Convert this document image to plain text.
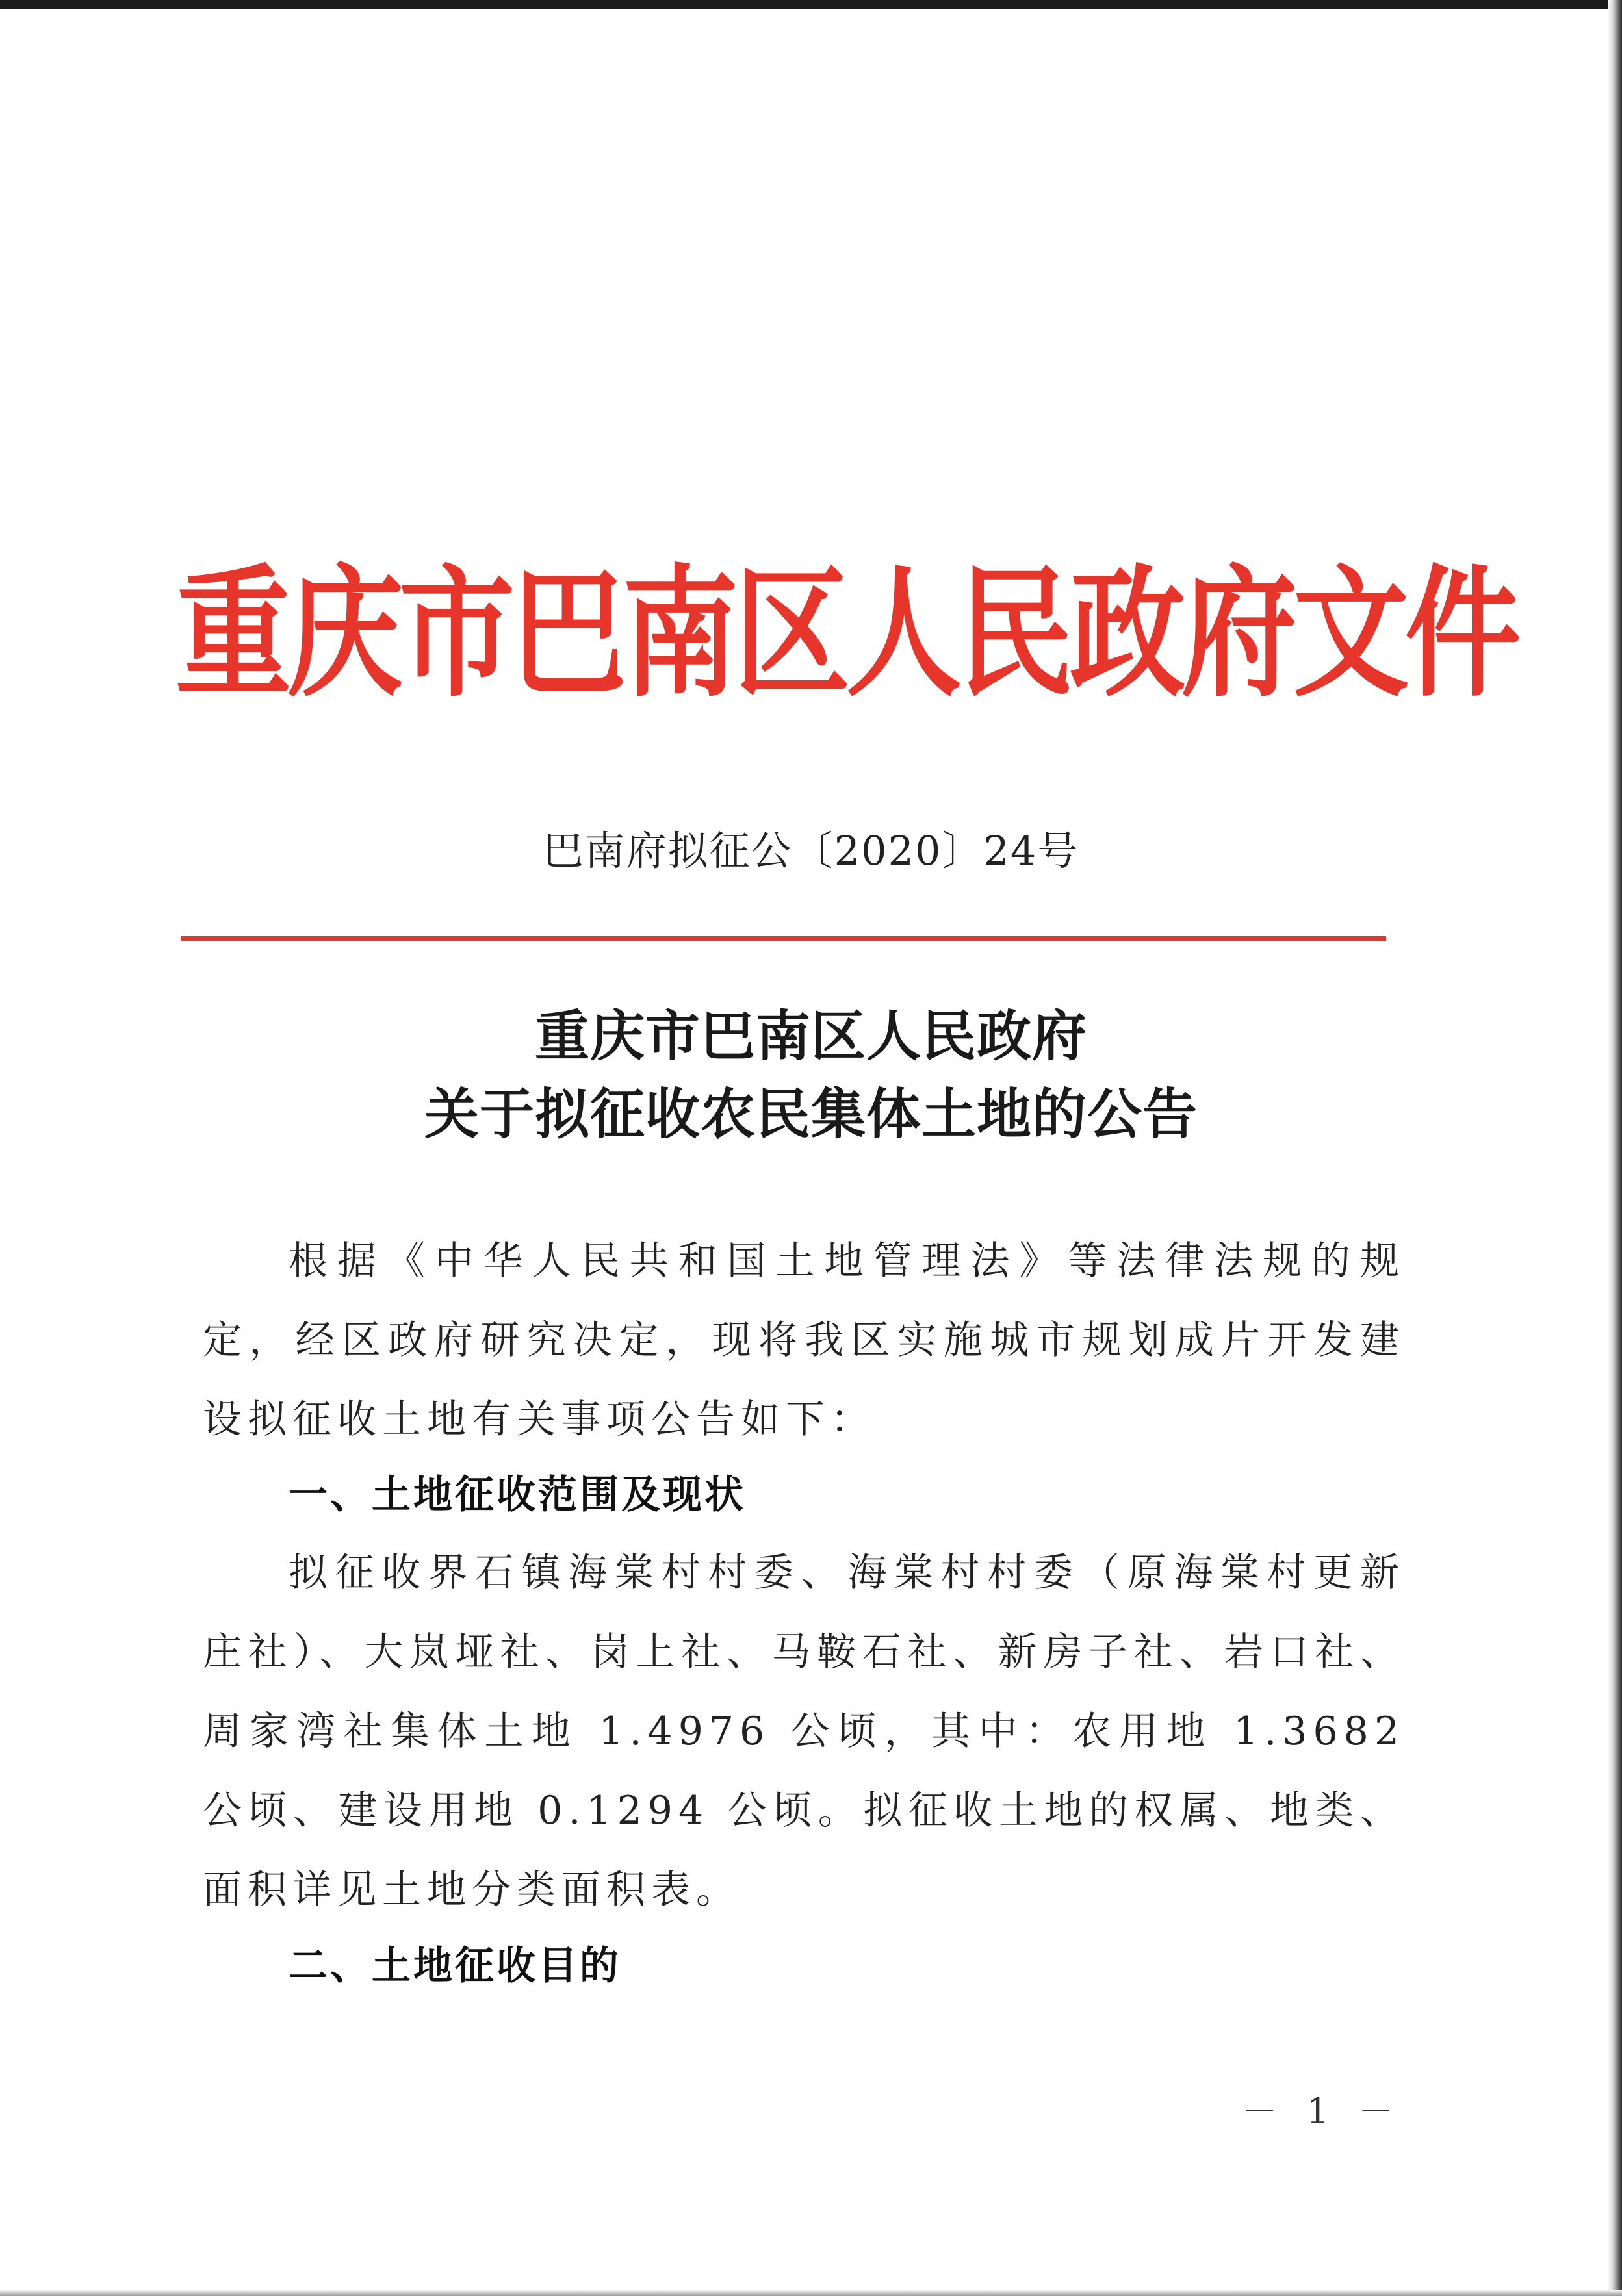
重庆市巴南区人民政府文件
巴南府拟征公〔2020〕24号
重庆市巴南区人民政府
关于拟征收农民集体土地的公告
根据《中华人民共和国土地管理法》等法律法规的规定，经区政府研究决定，现将我区实施城市规划成片开发建设拟征收土地有关事项公告如下：
一、土地征收范围及现状
拟征收界石镇海棠村村委、海棠村村委（原海棠村更新庄社）、大岚垭社、岗上社、马鞍石社、新房子社、岩口社、周家湾社集体土地 1.4976 公顷，其中：农用地 1.3682 公顷、建设用地 0.1294 公顷。拟征收土地的权属、地类、面积详见土地分类面积表。
二、土地征收目的
－ 1 －
